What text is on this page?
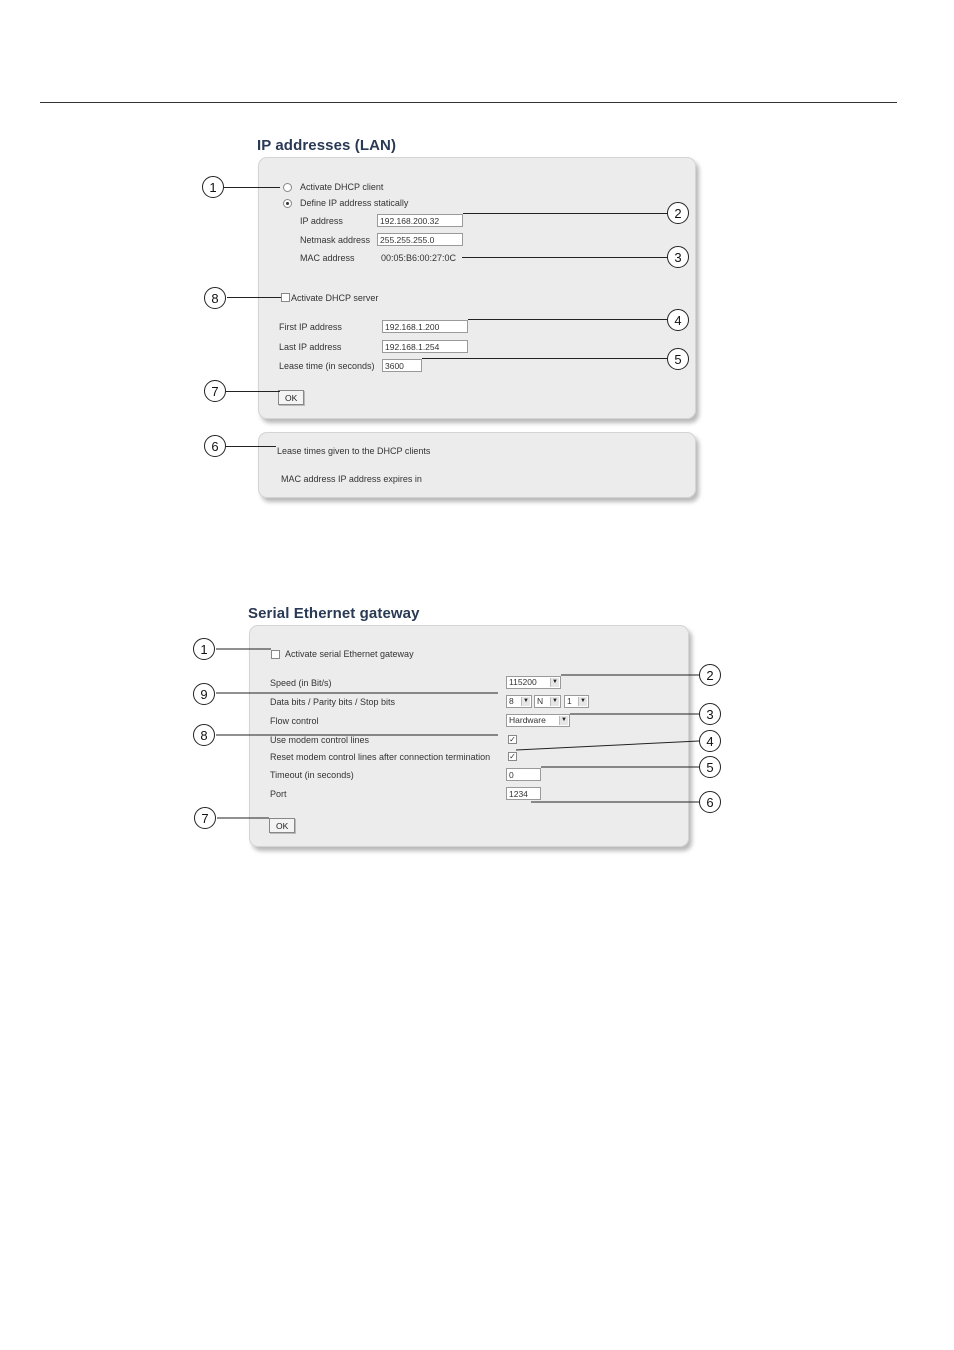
IP addresses (LAN)
Activate DHCP client
Define IP address statically
IP address	192.168.200.32
Netmask address	255.255.255.0
MAC address	00:05:B6:00:27:0C
Activate DHCP server
First IP address	192.168.1.200
Last IP address	192.168.1.254
Lease time (in seconds)	3600
OK
Lease times given to the DHCP clients
MAC address IP address expires in
1
2
3
8
4
5
7
6
Serial Ethernet gateway
Activate serial Ethernet gateway
Speed (in Bit/s)	115200	▼
Data bits / Parity bits / Stop bits	8	▼ N	▼	1	▼
Flow control	Hardware	▼
Use modem control lines	✓
Reset modem control lines after connection termination ✓
Timeout (in seconds)	0
Port	1234
OK
1
2
9
3
8	4
5
6
7
